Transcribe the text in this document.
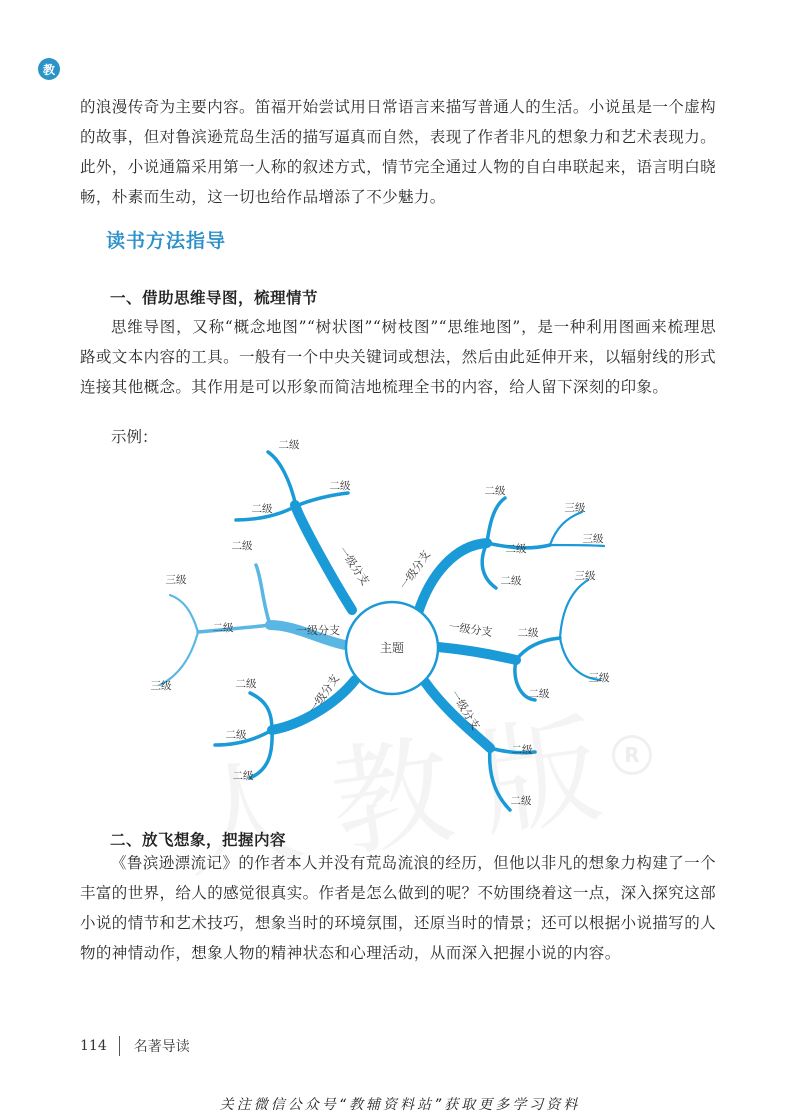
教

的浪漫传奇为主要内容。笛福开始尝试用日常语言来描写普通人的生活。小说虽是一个虚构的故事，但对鲁滨逊荒岛生活的描写逼真而自然，表现了作者非凡的想象力和艺术表现力。此外，小说通篇采用第一人称的叙述方式，情节完全通过人物的自白串联起来，语言明白晓畅，朴素而生动，这一切也给作品增添了不少魅力。

读书方法指导
一、借助思维导图，梳理情节

思维导图，又称“概念地图”“树状图”“树枝图”“思维地图”，是一种利用图画来梳理思路或文本内容的工具。一般有一个中央关键词或想法，然后由此延伸开来，以辐射线的形式连接其他概念。其作用是可以形象而简洁地梳理全书的内容，给人留下深刻的印象。

示例：

R
主题
一级分支 一级分支
一级分支	一级分支
一级分支	一级分支
二级
二级
二级
二级
二级
二级
二级
二级
二级
二级
二级
二级
二级
二级
二级
三级
三级
三级
三级
三级
三级
二、放飞想象，把握内容

《鲁滨逊漂流记》的作者本人并没有荒岛流浪的经历，但他以非凡的想象力构建了一个丰富的世界，给人的感觉很真实。作者是怎么做到的呢？不妨围绕着这一点，深入探究这部小说的情节和艺术技巧，想象当时的环境氛围，还原当时的情景；还可以根据小说描写的人物的神情动作，想象人物的精神状态和心理活动，从而深入把握小说的内容。

114 名著导读
关注微信公众号“教辅资料站”获取更多学习资料
